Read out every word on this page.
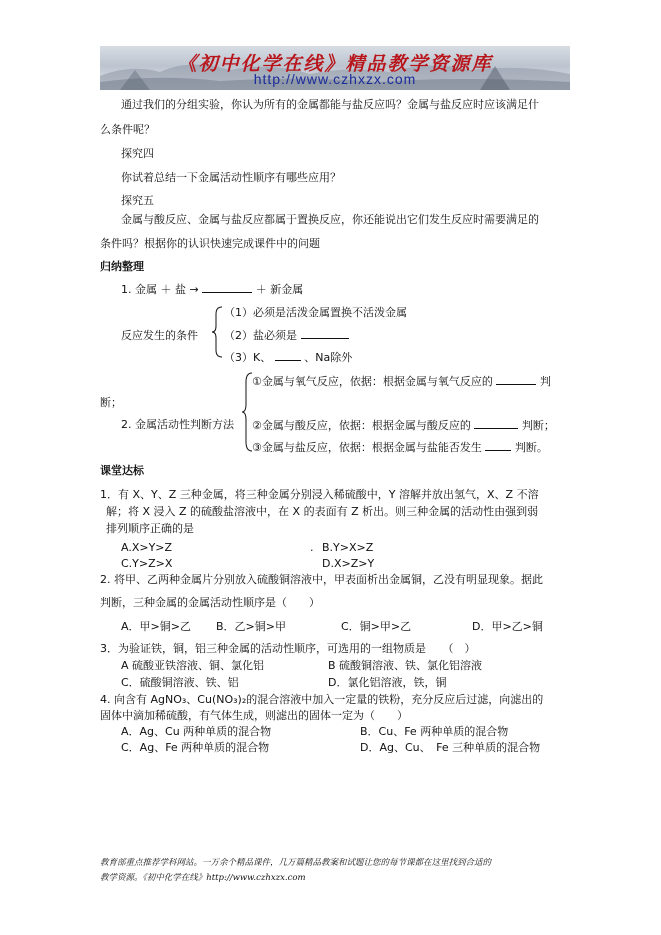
《初中化学在线》精品教学资源库
http://www.czhxzx.com
通过我们的分组实验，你认为所有的金属都能与盐反应吗？金属与盐反应时应该满足什
么条件呢？
探究四
你试着总结一下金属活动性顺序有哪些应用？
探究五
金属与酸反应、金属与盐反应都属于置换反应，你还能说出它们发生反应时需要满足的
条件吗？根据你的认识快速完成课件中的问题
归纳整理
1. 金属 ＋ 盐 →	＋ 新金属
反应发生的条件
（1）必须是活泼金属置换不活泼金属
（2）盐必须是
（3）K、	、Na除外
①金属与氧气反应，依据：根据金属与氧气反应的	判
断；
2. 金属活动性判断方法 ②金属与酸反应，依据：根据金属与酸反应的	判断；
③金属与盐反应，依据：根据金属与盐能否发生	判断。
课堂达标
1．有 X、Y、Z 三种金属，将三种金属分别浸入稀硫酸中，Y 溶解并放出氢气，X、Z 不溶
解；将 X 浸入 Z 的硫酸盐溶液中，在 X 的表面有 Z 析出。则三种金属的活动性由强到弱
排列顺序正确的是
A.X>Y>Z	. B.Y>X>Z
C.Y>Z>X	D.X>Z>Y
2. 将甲、乙两种金属片分别放入硫酸铜溶液中，甲表面析出金属铜，乙没有明显现象。据此
判断，三种金属的金属活动性顺序是（　　）
A．甲>铜>乙 B．乙>铜>甲	C．铜>甲>乙	D．甲>乙>铜
3．为验证铁，铜，铝三种金属的活动性顺序，可选用的一组物质是　　（　）
A 硫酸亚铁溶液、铜、氯化铝	B 硫酸铜溶液、铁、氯化铝溶液
C．硫酸铜溶液、铁、铝	D．氯化铝溶液，铁，铜
4. 向含有 AgNO₃、Cu(NO₃)₂的混合溶液中加入一定量的铁粉，充分反应后过滤，向滤出的
固体中滴加稀硫酸，有气体生成，则滤出的固体一定为（　　）
A．Ag、Cu 两种单质的混合物	B．Cu、Fe 两种单质的混合物
C．Ag、Fe 两种单质的混合物	D．Ag、Cu、　Fe 三种单质的混合物
教育部重点推荐学科网站。一万余个精品课件，几万篇精品教案和试题让您的每节课都在这里找到合适的
教学资源。《初中化学在线》http://www.czhxzx.com
